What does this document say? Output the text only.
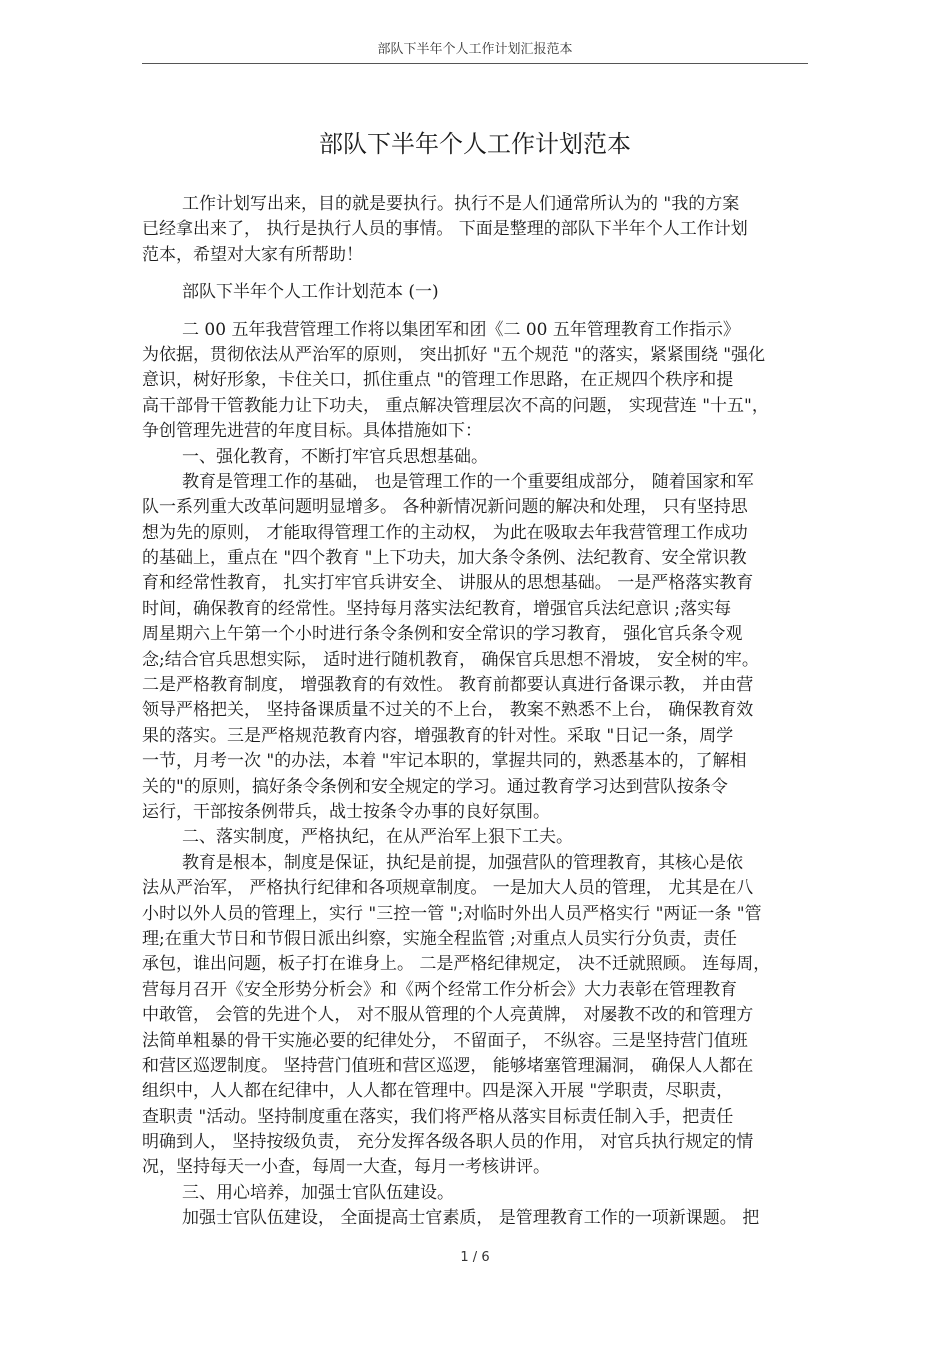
部队下半年个人工作计划汇报范本
部队下半年个人工作计划范本
工作计划写出来，目的就是要执行。执行不是人们通常所认为的 "我的方案
已经拿出来了， 执行是执行人员的事情。 下面是整理的部队下半年个人工作计划
范本，希望对大家有所帮助！
部队下半年个人工作计划范本 (一)
二 00 五年我营管理工作将以集团军和团《二 00 五年管理教育工作指示》
为依据，贯彻依法从严治军的原则， 突出抓好 "五个规范 "的落实，紧紧围绕 "强化
意识，树好形象，卡住关口，抓住重点 "的管理工作思路，在正规四个秩序和提
高干部骨干管教能力让下功夫， 重点解决管理层次不高的问题， 实现营连 "十五"，
争创管理先进营的年度目标。具体措施如下：
一、强化教育，不断打牢官兵思想基础。
教育是管理工作的基础， 也是管理工作的一个重要组成部分， 随着国家和军
队一系列重大改革问题明显增多。 各种新情况新问题的解决和处理， 只有坚持思
想为先的原则， 才能取得管理工作的主动权， 为此在吸取去年我营管理工作成功
的基础上，重点在 "四个教育 "上下功夫，加大条令条例、法纪教育、安全常识教
育和经常性教育， 扎实打牢官兵讲安全、 讲服从的思想基础。 一是严格落实教育
时间，确保教育的经常性。坚持每月落实法纪教育，增强官兵法纪意识 ;落实每
周星期六上午第一个小时进行条令条例和安全常识的学习教育， 强化官兵条令观
念;结合官兵思想实际， 适时进行随机教育， 确保官兵思想不滑坡， 安全树的牢。
二是严格教育制度， 增强教育的有效性。 教育前都要认真进行备课示教， 并由营
领导严格把关， 坚持备课质量不过关的不上台， 教案不熟悉不上台， 确保教育效
果的落实。三是严格规范教育内容，增强教育的针对性。采取 "日记一条，周学
一节，月考一次 "的办法，本着 "牢记本职的，掌握共同的，熟悉基本的，了解相
关的"的原则，搞好条令条例和安全规定的学习。通过教育学习达到营队按条令
运行，干部按条例带兵，战士按条令办事的良好氛围。
二、落实制度，严格执纪，在从严治军上狠下工夫。
教育是根本，制度是保证，执纪是前提，加强营队的管理教育，其核心是依
法从严治军， 严格执行纪律和各项规章制度。 一是加大人员的管理， 尤其是在八
小时以外人员的管理上，实行 "三控一管 ";对临时外出人员严格实行 "两证一条 "管
理;在重大节日和节假日派出纠察，实施全程监管 ;对重点人员实行分负责，责任
承包，谁出问题，板子打在谁身上。 二是严格纪律规定， 决不迁就照顾。 连每周，
营每月召开《安全形势分析会》和《两个经常工作分析会》大力表彰在管理教育
中敢管， 会管的先进个人， 对不服从管理的个人亮黄牌， 对屡教不改的和管理方
法简单粗暴的骨干实施必要的纪律处分， 不留面子， 不纵容。三是坚持营门值班
和营区巡逻制度。 坚持营门值班和营区巡逻， 能够堵塞管理漏洞， 确保人人都在
组织中，人人都在纪律中，人人都在管理中。四是深入开展 "学职责，尽职责，
查职责 "活动。坚持制度重在落实，我们将严格从落实目标责任制入手，把责任
明确到人， 坚持按级负责， 充分发挥各级各职人员的作用， 对官兵执行规定的情
况，坚持每天一小查，每周一大查，每月一考核讲评。
三、用心培养，加强士官队伍建设。
加强士官队伍建设， 全面提高士官素质， 是管理教育工作的一项新课题。 把
1 / 6
